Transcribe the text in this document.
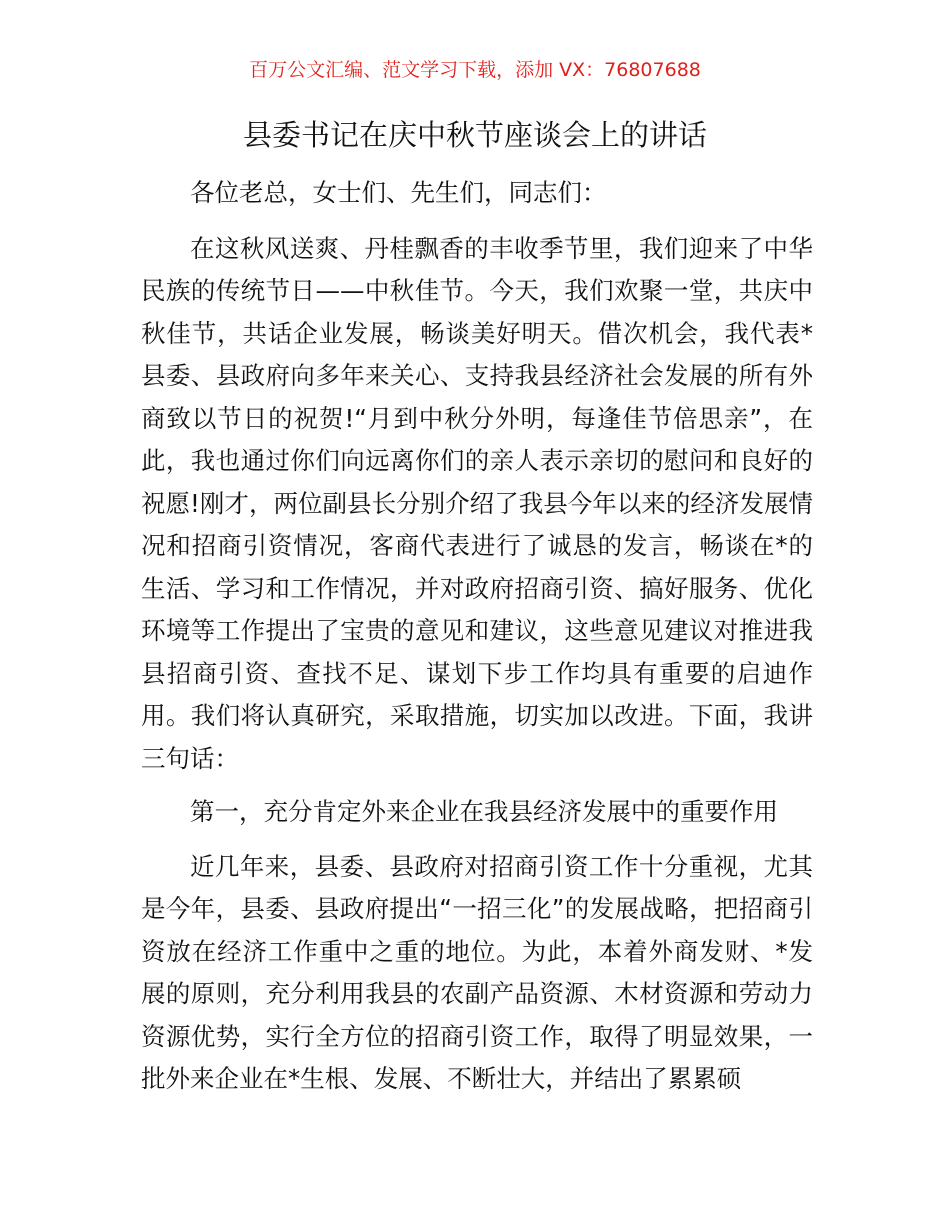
百万公文汇编、范文学习下载，添加 VX：76807688
县委书记在庆中秋节座谈会上的讲话

各位老总，女士们、先生们，同志们：

在这秋风送爽、丹桂飘香的丰收季节里，我们迎来了中华民族的传统节日——中秋佳节。今天，我们欢聚一堂，共庆中秋佳节，共话企业发展，畅谈美好明天。借次机会，我代表*县委、县政府向多年来关心、支持我县经济社会发展的所有外商致以节日的祝贺!“月到中秋分外明，每逢佳节倍思亲”，在此，我也通过你们向远离你们的亲人表示亲切的慰问和良好的祝愿!刚才，两位副县长分别介绍了我县今年以来的经济发展情况和招商引资情况，客商代表进行了诚恳的发言，畅谈在*的生活、学习和工作情况，并对政府招商引资、搞好服务、优化环境等工作提出了宝贵的意见和建议，这些意见建议对推进我县招商引资、查找不足、谋划下步工作均具有重要的启迪作用。我们将认真研究，采取措施，切实加以改进。下面，我讲三句话：

第一，充分肯定外来企业在我县经济发展中的重要作用

近几年来，县委、县政府对招商引资工作十分重视，尤其是今年，县委、县政府提出“一招三化”的发展战略，把招商引资放在经济工作重中之重的地位。为此，本着外商发财、*发展的原则，充分利用我县的农副产品资源、木材资源和劳动力资源优势，实行全方位的招商引资工作，取得了明显效果，一批外来企业在*生根、发展、不断壮大，并结出了累累硕
